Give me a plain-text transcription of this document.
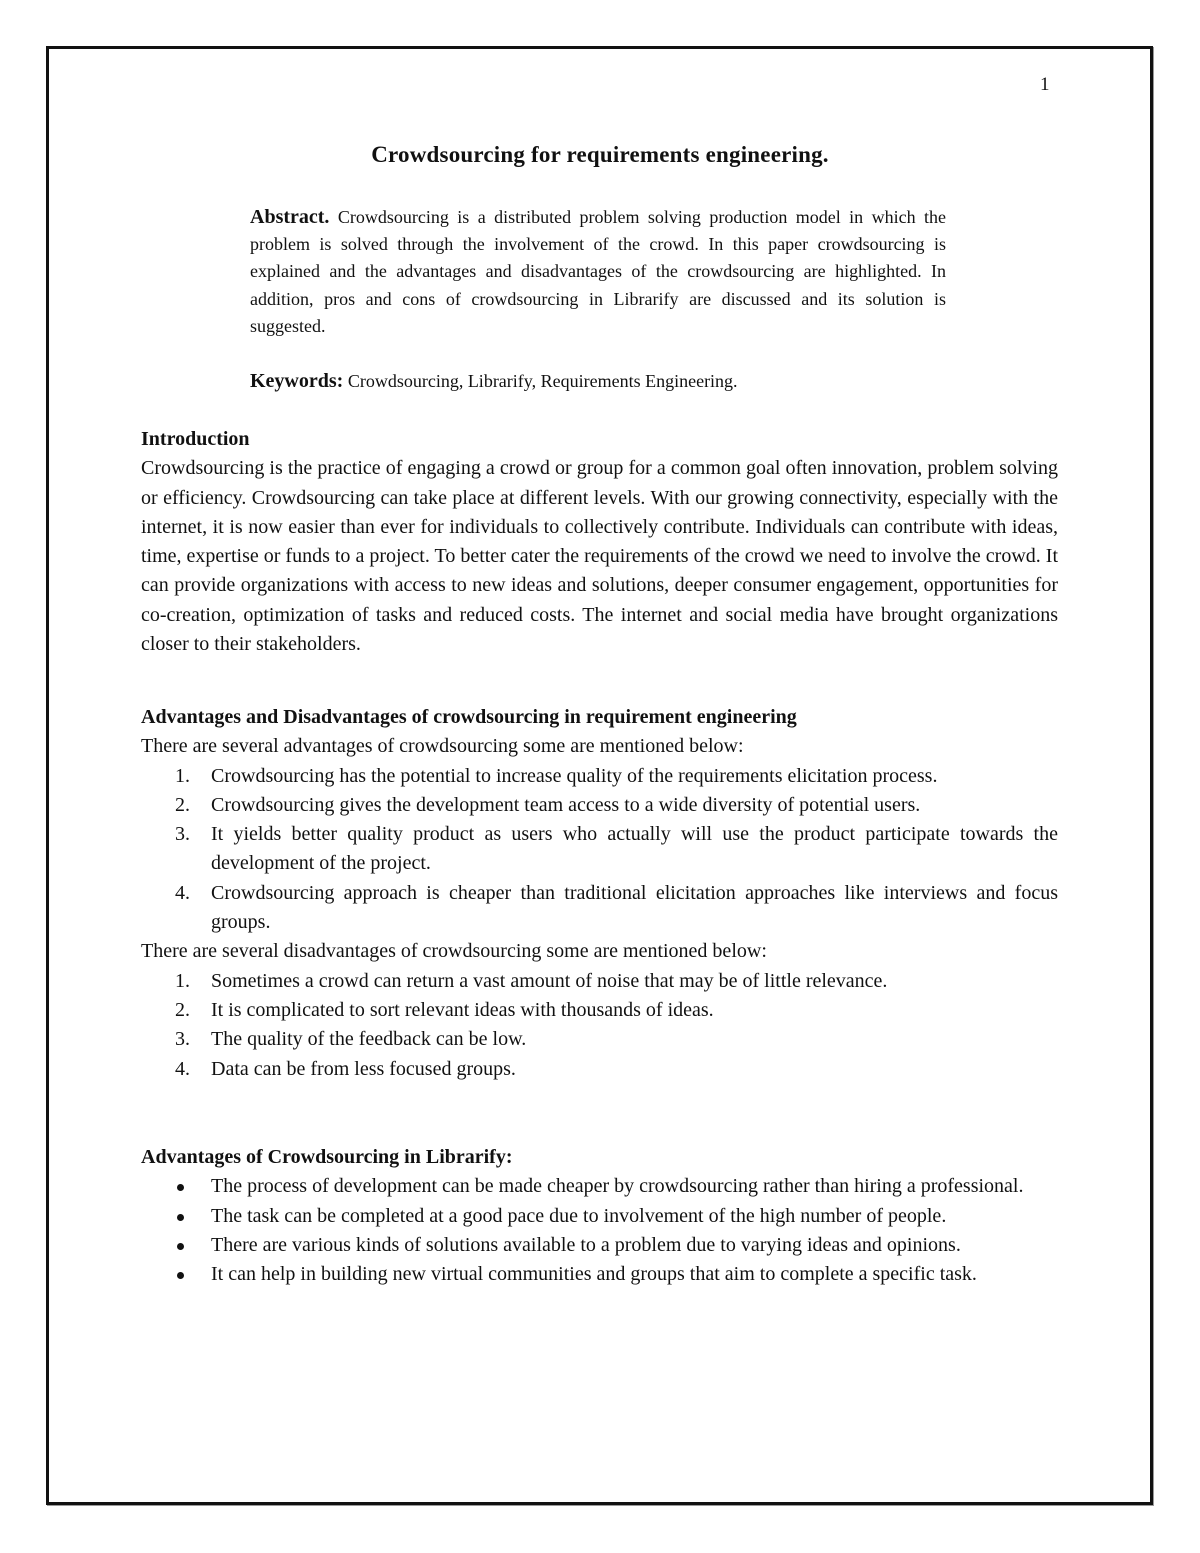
1
Crowdsourcing for requirements engineering.
Abstract. Crowdsourcing is a distributed problem solving production model in which the problem is solved through the involvement of the crowd. In this paper crowdsourcing is explained and the advantages and disadvantages of the crowdsourcing are highlighted. In addition, pros and cons of crowdsourcing in Librarify are discussed and its solution is suggested.
Keywords: Crowdsourcing, Librarify, Requirements Engineering.

Introduction

Crowdsourcing is the practice of engaging a crowd or group for a common goal often innovation, problem solving or efficiency. Crowdsourcing can take place at different levels. With our growing connectivity, especially with the internet, it is now easier than ever for individuals to collectively contribute. Individuals can contribute with ideas, time, expertise or funds to a project. To better cater the requirements of the crowd we need to involve the crowd. It can provide organizations with access to new ideas and solutions, deeper consumer engagement, opportunities for co-creation, optimization of tasks and reduced costs. The internet and social media have brought organizations closer to their stakeholders.

Advantages and Disadvantages of crowdsourcing in requirement engineering

There are several advantages of crowdsourcing some are mentioned below:

1.	Crowdsourcing has the potential to increase quality of the requirements elicitation process.
2.	Crowdsourcing gives the development team access to a wide diversity of potential users.
3.	It yields better quality product as users who actually will use the product participate towards the development of the project.
4.	Crowdsourcing approach is cheaper than traditional elicitation approaches like interviews and focus groups.

There are several disadvantages of crowdsourcing some are mentioned below:

1.	Sometimes a crowd can return a vast amount of noise that may be of little relevance.
2.	It is complicated to sort relevant ideas with thousands of ideas.
3.	The quality of the feedback can be low.
4.	Data can be from less focused groups.

Advantages of Crowdsourcing in Librarify:

The process of development can be made cheaper by crowdsourcing rather than hiring a professional.
The task can be completed at a good pace due to involvement of the high number of people.
There are various kinds of solutions available to a problem due to varying ideas and opinions.
It can help in building new virtual communities and groups that aim to complete a specific task.
